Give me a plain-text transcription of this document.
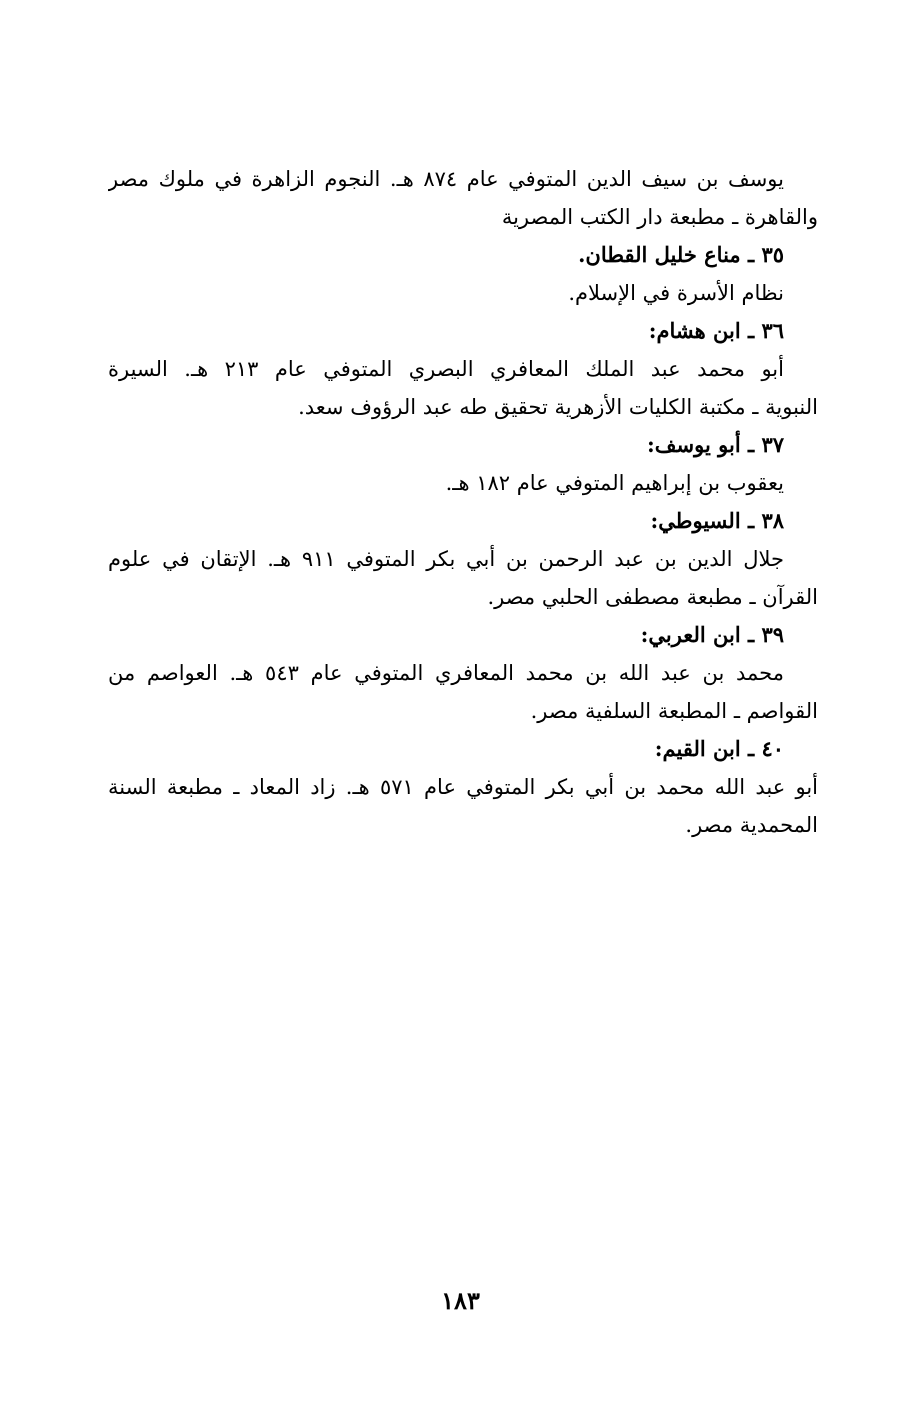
يوسف بن سيف الدين المتوفي عام ٨٧٤ هـ. النجوم الزاهرة في ملوك مصر
والقاهرة ـ مطبعة دار الكتب المصرية
٣٥ ـ مناع خليل القطان.
نظام الأسرة في الإسلام.
٣٦ ـ ابن هشام:
أبو محمد عبد الملك المعافري البصري المتوفي عام ٢١٣ هـ. السيرة
النبوية ـ مكتبة الكليات الأزهرية تحقيق طه عبد الرؤوف سعد.
٣٧ ـ أبو يوسف:
يعقوب بن إبراهيم المتوفي عام ١٨٢ هـ.
٣٨ ـ السيوطي:
جلال الدين بن عبد الرحمن بن أبي بكر المتوفي ٩١١ هـ. الإتقان في علوم
القرآن ـ مطبعة مصطفى الحلبي مصر.
٣٩ ـ ابن العربي:
محمد بن عبد الله بن محمد المعافري المتوفي عام ٥٤٣ هـ. العواصم من
القواصم ـ المطبعة السلفية مصر.
٤٠ ـ ابن القيم:
أبو عبد الله محمد بن أبي بكر المتوفي عام ٥٧١ هـ. زاد المعاد ـ مطبعة السنة
المحمدية مصر.
١٨٣
